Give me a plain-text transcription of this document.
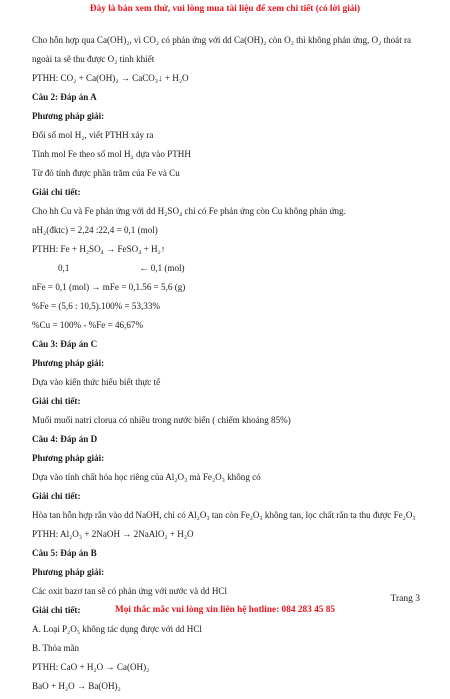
Đây là bản xem thử, vui lòng mua tài liệu để xem chi tiết (có lời giải)
Cho hỗn hợp qua Ca(OH)₂, vì CO₂ có phản ứng với dd Ca(OH)₂ còn O₂ thì không phản ứng, O₂ thoát ra
ngoài ta sẽ thu được O₂ tinh khiết
PTHH: CO₂ + Ca(OH)₂ → CaCO₃↓ + H₂O
Câu 2: Đáp án A
Phương pháp giải:
Đổi số mol H₂, viết PTHH xảy ra
Tính mol Fe theo số mol H₂ dựa vào PTHH
Từ đó tính được phần trăm của Fe và Cu
Giải chi tiết:
Cho hh Cu và Fe phản ứng với dd H₂SO₄ chỉ có Fe phản ứng còn Cu không phản ứng.
nH₂(đktc) = 2,24 :22,4 = 0,1 (mol)
PTHH: Fe + H₂SO₄ → FeSO₄ + H₂↑
0,1	← 0,1 (mol)
nFe = 0,1 (mol) → mFe = 0,1.56 = 5,6 (g)
%Fe = (5,6 : 10,5).100% = 53,33%
%Cu = 100% - %Fe = 46,67%
Câu 3: Đáp án C
Phương pháp giải:
Dựa vào kiến thức hiểu biết thực tế
Giải chi tiết:
Muối muối natri clorua có nhiều trong nước biển ( chiếm khoảng 85%)
Câu 4: Đáp án D
Phương pháp giải:
Dựa vào tính chất hóa học riêng của Al₂O₃ mà Fe₂O₃ không có
Giải chi tiết:
Hòa tan hỗn hợp rắn vào dd NaOH, chỉ có Al₂O₃ tan còn Fe₂O₃ không tan, lọc chất rắn ta thu được Fe₂O₃
PTHH: Al₂O₃ + 2NaOH → 2NaAlO₂ + H₂O
Câu 5: Đáp án B
Phương pháp giải:
Các oxit bazơ tan sẽ có phản ứng với nước và dd HCl
Giải chi tiết:
A. Loại P₂O₅ không tác dụng được với dd HCl
B. Thỏa mãn
PTHH: CaO + H₂O → Ca(OH)₂
BaO + H₂O → Ba(OH)₂
Trang 3
Mọi thắc mắc vui lòng xin liên hệ hotline: 084 283 45 85
